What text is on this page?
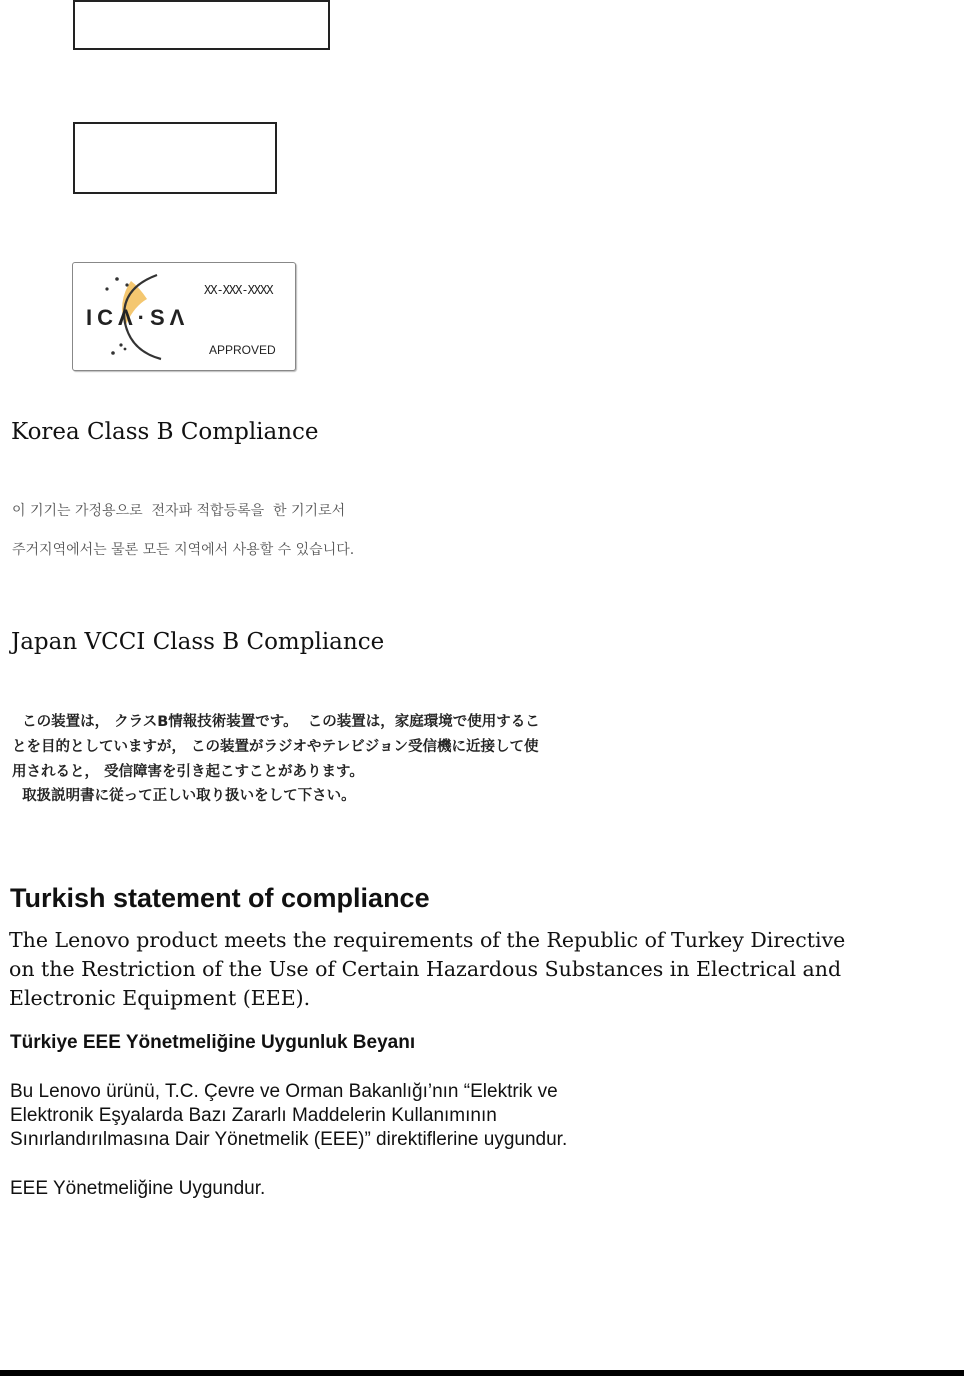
ICΛ·SΛ
XX-XXX-XXXX
APPROVED
Korea Class B Compliance

이 기기는 가정용으로  전자파 적합등록을  한 기기로서

주거지역에서는 물론 모든 지역에서 사용할 수 있습니다.

Japan VCCI Class B Compliance

この装置は， クラスB情報技術装置です。  この装置は，家庭環境で使用するこ

とを目的としていますが， この装置がラジオやテレビジョン受信機に近接して使

用されると， 受信障害を引き起こすことがあります。

取扱説明書に従って正しい取り扱いをして下さい。

Turkish statement of compliance

The Lenovo product meets the requirements of the Republic of Turkey Directive on the Restriction of the Use of Certain Hazardous Substances in Electrical and Electronic Equipment (EEE).

Türkiye EEE Yönetmeliğine Uygunluk Beyanı

Bu Lenovo ürünü, T.C. Çevre ve Orman Bakanlığı’nın “Elektrik ve

Elektronik Eşyalarda Bazı Zararlı Maddelerin Kullanımının

Sınırlandırılmasına Dair Yönetmelik (EEE)” direktiflerine uygundur.

EEE Yönetmeliğine Uygundur.
